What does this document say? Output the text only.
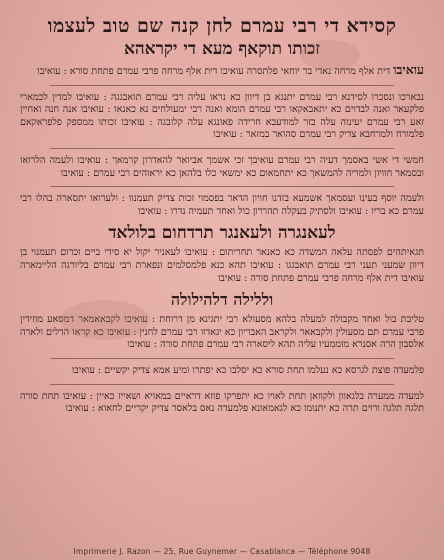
קסידא די רבי עמרם לחן קנה שם טוב לעצמו
זכותו תוקאף מעא די יקראהא

עואיבו דית אלף מרחה נאדי בר יוחאי פלתסרה עואיבו דית אלף מרחה פרבי עמרם פתחת סורא : עואיבו

נבארכו ונסכרו לסידנא רבי עמרם יתנגא בן דיוון כא נראו עליה רבי עמרם תואבגגה : עואיבו למדין לכמארי פלקעאר ואנה לבדוים כא יתאבאקאו רבי עמרם הומא ואנה רבי ימעולחים נא כאנאו : עואיבו אנה חנה ואחיין זאע רבי עמרם יעינוה עלה בזר למודעבא חרידה פאונגא עלה קלובגה : עואיבו זכותו ממספק פלפראקאם פלמורח ולמרחבא צדיק רבי עמרם סהואר במזאר : עואיבו

חמשי די אשי באסמך דעיה רבי עמרם עואיבך זכי אשמך אביואר להאדרון קרמאך : עואיבו ולעמה הלרואו ובסמאר חוויון ולמריה להמשאך כא יתחמאום כא ימשאי כלו בלהאן כא יראוהים רבי עמרם : עואיבו

ולעמה יוסף בעינו ועסמאך אשמעא בזדנו חויון הדאר בפסמוי זכות צדיק תעמנוו : ולערואו יתסארה בהלו רבי עמרם כא בריו : עואיבו ולסתיק בעקלה תהררון כול ואחד תעמיה נדרו : עואיבו

לעאנגרה ולעאנגר תרדחום בלולאד

תגאיתהים לפסתה עלאה המשדה כא כאנאר תחריתום : עואיבו לעאניר יקול יא סידי ביים וכרום תעמנוי בן דיוון שמעני תעני רבי עמרם תואבגגו : עואיבו תהא כנא פלמסלמים ונפארת רבי עמרם בליורגה הליימארה עואיבו דית אלף מרחה פרבי עמרם פתחת סורה : עואיבו

וללילה דלהילולה

טליבת בול ואחד מקבולה למעלה בלהא מסעולא רבי יתגינא מן דרוחת : עואיבו לקבאאמאר דמסאע מוזידין פרבי עמרם תם מסעולין ולקבאאר ולקראב האבריון כא יגאדוו רבי עמרם לחנין : עואיבו כא קראו הדלים ולארה אלסבון הרה אסנרא מוממעיו עליה תהא ליסארה רבי עמרם פתחת סורה : עואיבו

פלמעדה פוצת לגרסא כא נעלמו תחת סורא כא יסלבו כא יפתרו ומיע אמא צדיק יקשיים : עואיבו

למעדה ממערה בלגאוון ולקוואן תחת לאויו כא יתפרקו פוזא דראיים במאויא ושאייז כאיין : עואיבו תחת סורה תלגה תלגה ורוים תרה כא יתנומו כא לגאמאונא פלמעדה נאס בלאסר צדיק יקריים לחאוא : עואיבו

Imprimerie J. Razon — 25, Rue Guynemer — Casablanca — Téléphone 9048
